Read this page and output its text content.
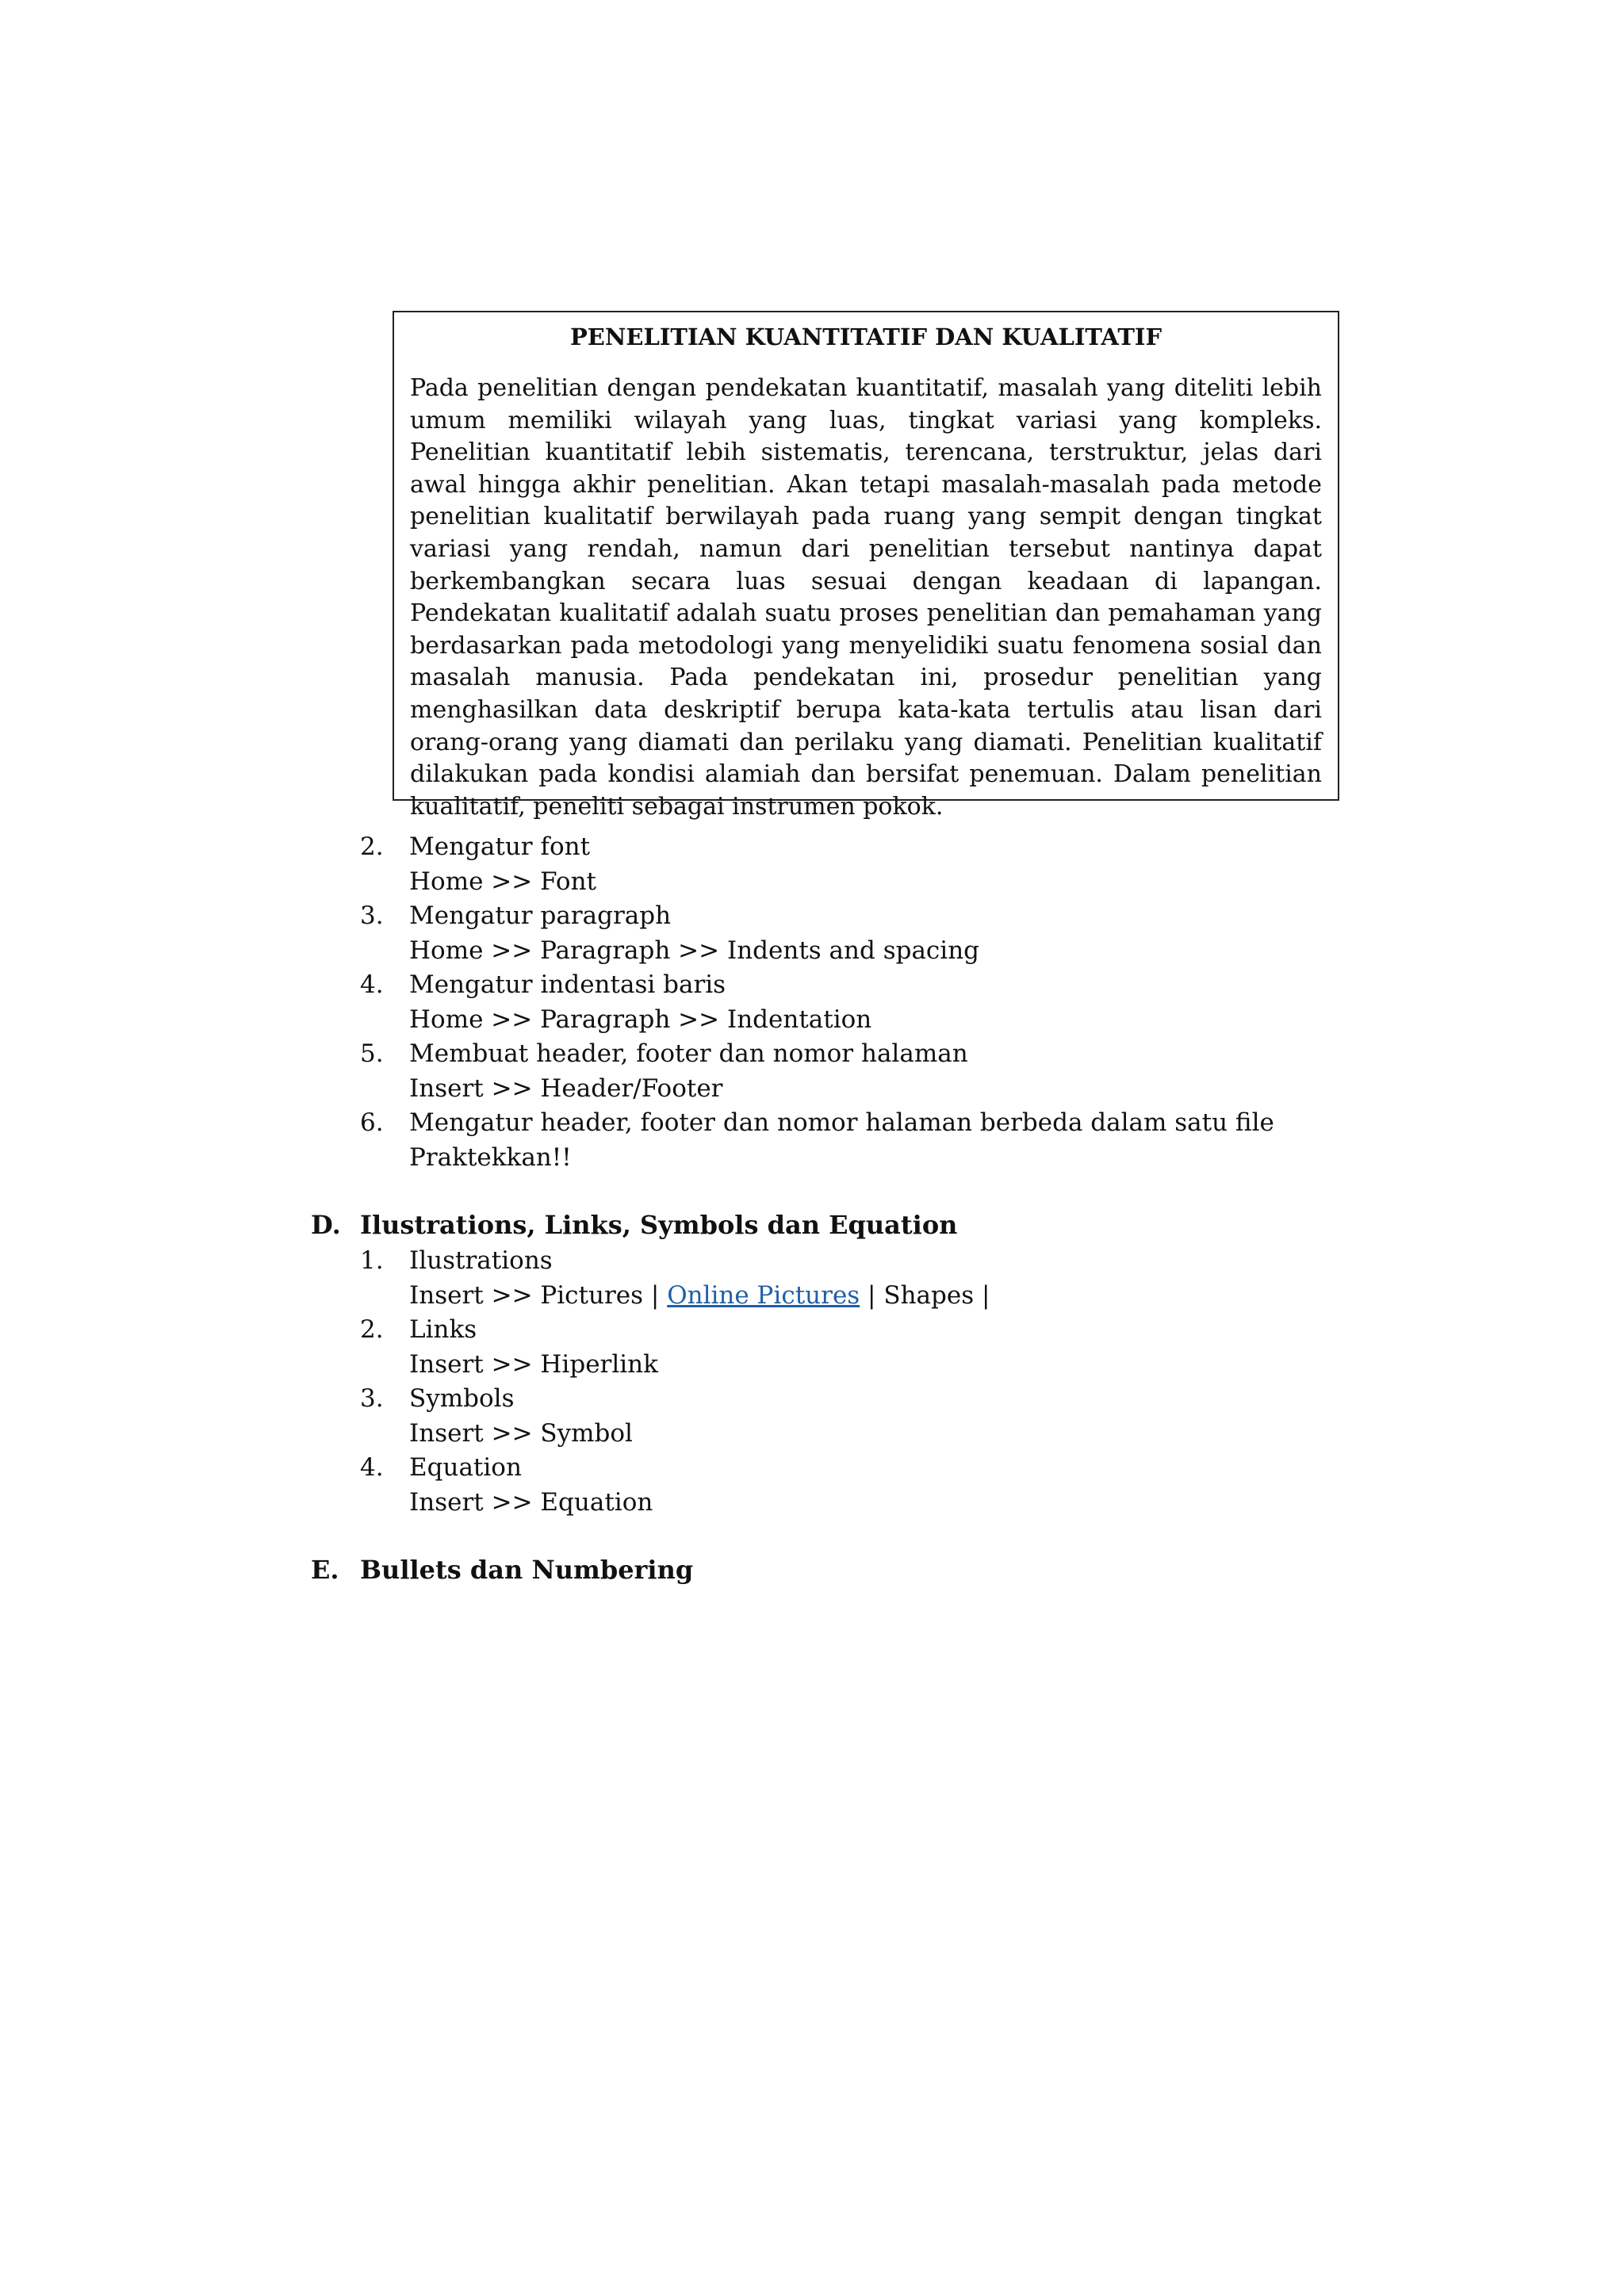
PENELITIAN KUANTITATIF DAN KUALITATIF
Pada penelitian dengan pendekatan kuantitatif, masalah yang diteliti lebih umum memiliki wilayah yang luas, tingkat variasi yang kompleks. Penelitian kuantitatif lebih sistematis, terencana, terstruktur, jelas dari awal hingga akhir penelitian. Akan tetapi masalah-masalah pada metode penelitian kualitatif berwilayah pada ruang yang sempit dengan tingkat variasi yang rendah, namun dari penelitian tersebut nantinya dapat berkembangkan secara luas sesuai dengan keadaan di lapangan. Pendekatan kualitatif adalah suatu proses penelitian dan pemahaman yang berdasarkan pada metodologi yang menyelidiki suatu fenomena sosial dan masalah manusia. Pada pendekatan ini, prosedur penelitian yang menghasilkan data deskriptif berupa kata-kata tertulis atau lisan dari orang-orang yang diamati dan perilaku yang diamati. Penelitian kualitatif dilakukan pada kondisi alamiah dan bersifat penemuan. Dalam penelitian kualitatif, peneliti sebagai instrumen pokok.
2.	Mengatur font
Home >> Font
3.	Mengatur paragraph
Home >> Paragraph >> Indents and spacing
4.	Mengatur indentasi baris
Home >> Paragraph >> Indentation
5.	Membuat header, footer dan nomor halaman
Insert >> Header/Footer
6.	Mengatur header, footer dan nomor halaman berbeda dalam satu file
Praktekkan!!
D. Ilustrations, Links, Symbols dan Equation
1.	Ilustrations
Insert >> Pictures | Online Pictures | Shapes |
2.	Links
Insert >> Hiperlink
3.	Symbols
Insert >> Symbol
4.	Equation
Insert >> Equation
E. Bullets dan Numbering
